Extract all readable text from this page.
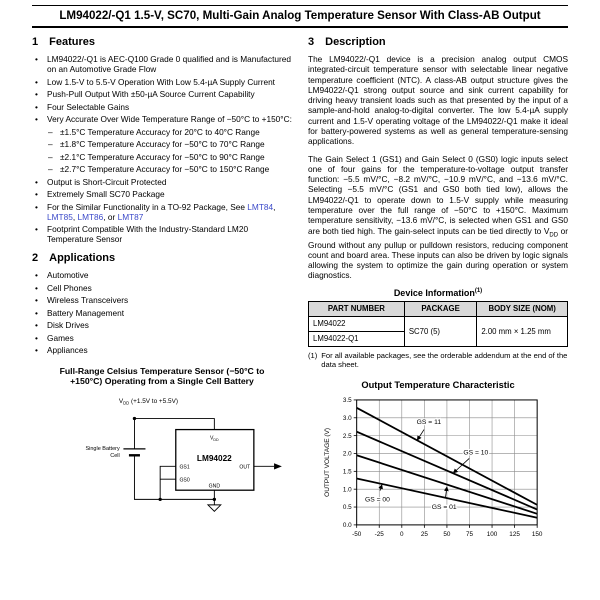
LM94022/-Q1 1.5-V, SC70, Multi-Gain Analog Temperature Sensor With Class-AB Output
1 Features
• LM94022/-Q1 is AEC-Q100 Grade 0 qualified and is Manufactured on an Automotive Grade Flow
• Low 1.5-V to 5.5-V Operation With Low 5.4-µA Supply Current
• Push-Pull Output With ±50-µA Source Current Capability
• Four Selectable Gains
• Very Accurate Over Wide Temperature Range of −50°C to +150°C:
– ±1.5°C Temperature Accuracy for 20°C to 40°C Range
– ±1.8°C Temperature Accuracy for −50°C to 70°C Range
– ±2.1°C Temperature Accuracy for −50°C to 90°C Range
– ±2.7°C Temperature Accuracy for −50°C to 150°C Range
• Output is Short-Circuit Protected
• Extremely Small SC70 Package
• For the Similar Functionality in a TO-92 Package, See LMT84, LMT85, LMT86, or LMT87
• Footprint Compatible With the Industry-Standard LM20 Temperature Sensor
2 Applications
• Automotive
• Cell Phones
• Wireless Transceivers
• Battery Management
• Disk Drives
• Games
• Appliances
Full-Range Celsius Temperature Sensor (−50°C to +150°C) Operating from a Single Cell Battery
$V_{DD}$ (+1.5V to +5.5V)
Single Battery
Cell
$V_{DD}$
LM94022
GS1
GS0
OUT
GND
3 Description

The LM94022/-Q1 device is a precision analog output CMOS integrated-circuit temperature sensor with selectable linear negative temperature coefficient (NTC). A class-AB output structure gives the LM94022/-Q1 strong output source and sink current capability for driving heavy transient loads such as that presented by the input of a sample-and-hold analog-to-digital converter. The low 5.4-µA supply current and 1.5-V operating voltage of the LM94022/-Q1 make it ideal for battery-powered systems as well as general temperature-sensing applications.

The Gain Select 1 (GS1) and Gain Select 0 (GS0) logic inputs select one of four gains for the temperature-to-voltage output transfer function: −5.5 mV/°C, −8.2 mV/°C, −10.9 mV/°C, and −13.6 mV/°C. Selecting −5.5 mV/°C (GS1 and GS0 both tied low), allows the LM94022/-Q1 to operate down to 1.5-V supply while measuring temperature over the full range of −50°C to +150°C. Maximum temperature sensitivity, −13.6 mV/°C, is selected when GS1 and GS0 are both tied high. The gain-select inputs can be tied directly to $V_{DD}$ or Ground without any pullup or pulldown resistors, reducing component count and board area. These inputs can also be driven by logic signals allowing the system to optimize the gain during operation or system diagnostics.

Device Information$^{(1)}$
PART NUMBER	PACKAGE	BODY SIZE (NOM)
LM94022	SC70 (5)	2.00 mm × 1.25 mm
LM94022-Q1		
(1) For all available packages, see the orderable addendum at the end of the data sheet.
Output Temperature Characteristic
-50 -25	0	25 50 75 100 125 150
0.0
0.5
1.0
1.5
2.0
2.5
3.0
3.5
GS = 11
GS = 10
GS = 01
GS = 00
OUTPUT VOLTAGE (V)
